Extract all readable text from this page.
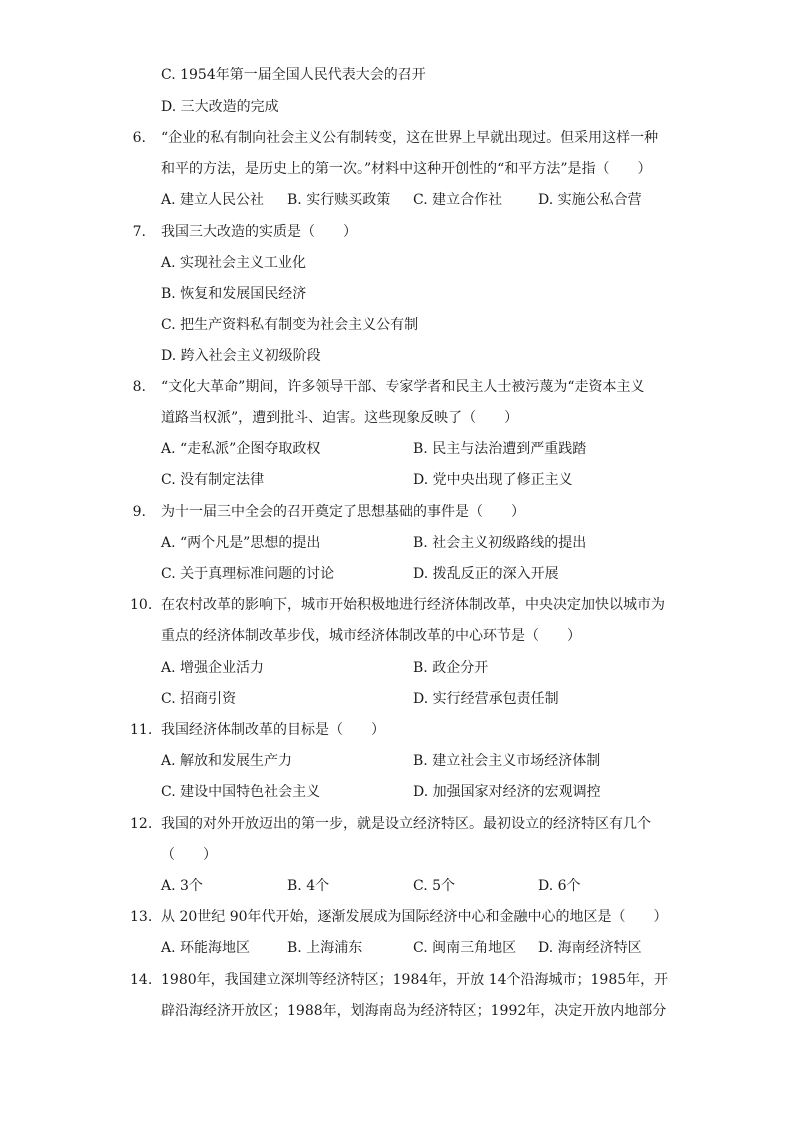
C. 1954年第一届全国人民代表大会的召开
D. 三大改造的完成
6. “企业的私有制向社会主义公有制转变，这在世界上早就出现过。但采用这样一种
和平的方法，是历史上的第一次。”材料中这种开创性的“和平方法”是指（　　）
A. 建立人民公社 B. 实行赎买政策 C. 建立合作社	D. 实施公私合营
7. 我国三大改造的实质是（　　）
A. 实现社会主义工业化
B. 恢复和发展国民经济
C. 把生产资料私有制变为社会主义公有制
D. 跨入社会主义初级阶段
8. “文化大革命”期间，许多领导干部、专家学者和民主人士被污蔑为“走资本主义
道路当权派”，遭到批斗、迫害。这些现象反映了（　　）
A. “走私派”企图夺取政权	B. 民主与法治遭到严重践踏
C. 没有制定法律	D. 党中央出现了修正主义
9. 为十一届三中全会的召开奠定了思想基础的事件是（　　）
A. “两个凡是”思想的提出	B. 社会主义初级路线的提出
C. 关于真理标准问题的讨论	D. 拨乱反正的深入开展
10. 在农村改革的影响下，城市开始积极地进行经济体制改革，中央决定加快以城市为
重点的经济体制改革步伐，城市经济体制改革的中心环节是（　　）
A. 增强企业活力	B. 政企分开
C. 招商引资	D. 实行经营承包责任制
11. 我国经济体制改革的目标是（　　）
A. 解放和发展生产力	B. 建立社会主义市场经济体制
C. 建设中国特色社会主义	D. 加强国家对经济的宏观调控
12. 我国的对外开放迈出的第一步，就是设立经济特区。最初设立的经济特区有几个
（　　）
A. 3个	B. 4个	C. 5个	D. 6个
13. 从 20世纪 90年代开始，逐渐发展成为国际经济中心和金融中心的地区是（　　）
A. 环能海地区	B. 上海浦东	C. 闽南三角地区 D. 海南经济特区
14. 1980年，我国建立深圳等经济特区；1984年，开放 14个沿海城市；1985年，开
辟沿海经济开放区；1988年，划海南岛为经济特区；1992年，决定开放内地部分
